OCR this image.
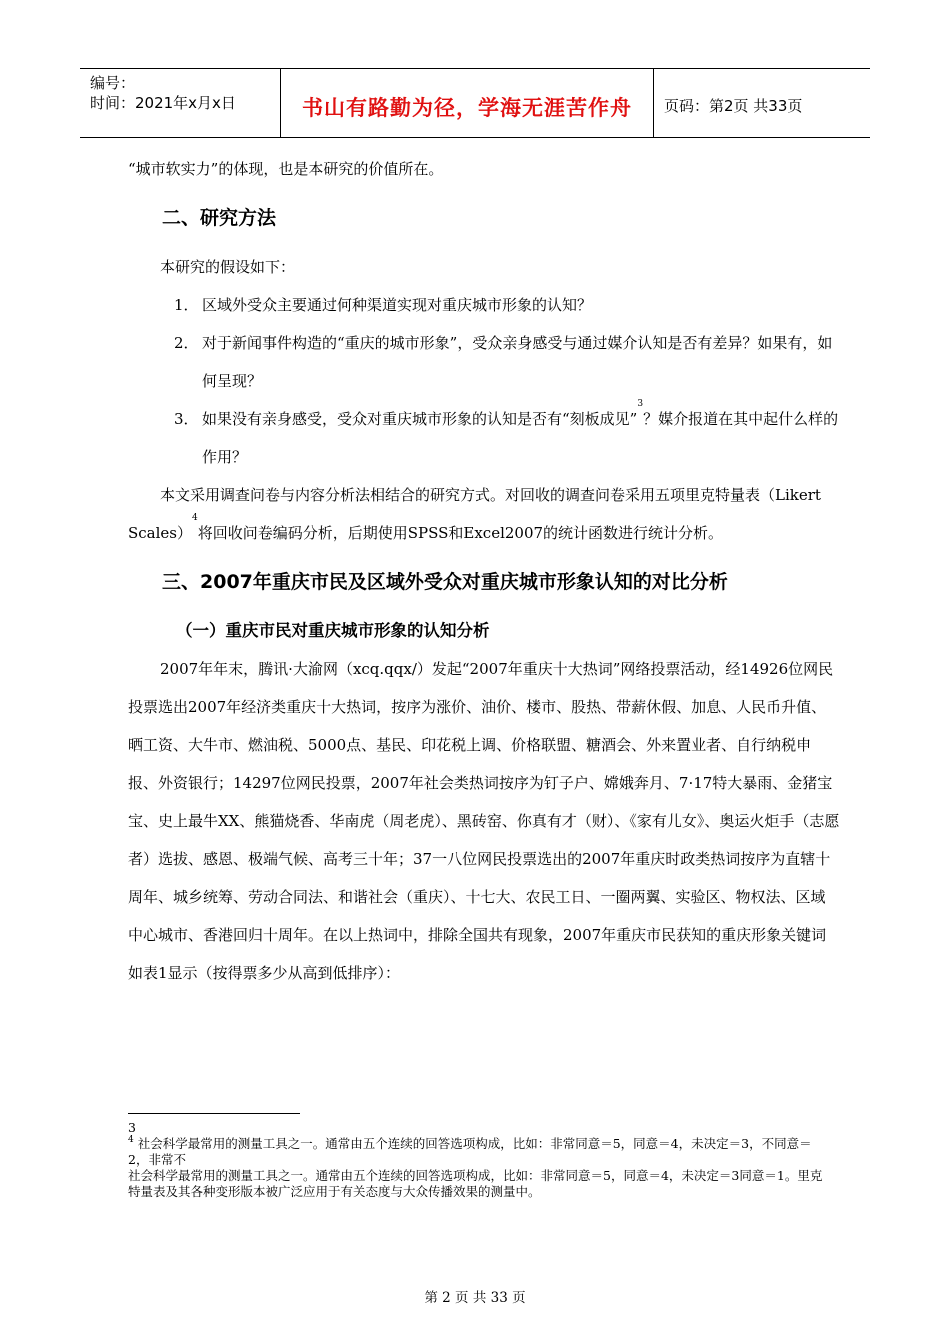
编号：
时间：2021年x月x日	书山有路勤为径，学海无涯苦作舟	页码：第2页 共33页

“城市软实力”的体现，也是本研究的价值所在。

二、研究方法

本研究的假设如下：

1． 区域外受众主要通过何种渠道实现对重庆城市形象的认知？

2． 对于新闻事件构造的“重庆的城市形象”，受众亲身感受与通过媒介认知是否有差异？如果有，如何呈现？

3． 如果没有亲身感受，受众对重庆城市形象的认知是否有“刻板成见”$^3$？媒介报道在其中起什么样的作用？

本文采用调查问卷与内容分析法相结合的研究方式。对回收的调查问卷采用五项里克特量表（Likert Scales）$^4$将回收问卷编码分析，后期使用SPSS和Excel2007的统计函数进行统计分析。

三、2007年重庆市民及区域外受众对重庆城市形象认知的对比分析
（一）重庆市民对重庆城市形象的认知分析

2007年年末，腾讯·大渝网（xcq.qqx/）发起“2007年重庆十大热词”网络投票活动，经14926位网民投票选出2007年经济类重庆十大热词，按序为涨价、油价、楼市、股热、带薪休假、加息、人民币升值、晒工资、大牛市、燃油税、5000点、基民、印花税上调、价格联盟、糖酒会、外来置业者、自行纳税申报、外资银行；14297位网民投票，2007年社会类热词按序为钉子户、嫦娥奔月、7·17特大暴雨、金猪宝宝、史上最牛XX、熊猫烧香、华南虎（周老虎）、黑砖窑、你真有才（财）、《家有儿女》、奥运火炬手（志愿者）选拔、感恩、极端气候、高考三十年；37一八位网民投票选出的2007年重庆时政类热词按序为直辖十周年、城乡统筹、劳动合同法、和谐社会（重庆）、十七大、农民工日、一圈两翼、实验区、物权法、区域中心城市、香港回归十周年。在以上热词中，排除全国共有现象，2007年重庆市民获知的重庆形象关键词如表1显示（按得票多少从高到低排序）：

3

$^4$ 社会科学最常用的测量工具之一。通常由五个连续的回答选项构成，比如：非常同意＝5，同意＝4，未决定＝3，不同意＝2，非常不

社会科学最常用的测量工具之一。通常由五个连续的回答选项构成，比如：非常同意＝5，同意＝4，未决定＝3同意＝1。里克特量表及其各种变形版本被广泛应用于有关态度与大众传播效果的测量中。

第 2 页 共 33 页
